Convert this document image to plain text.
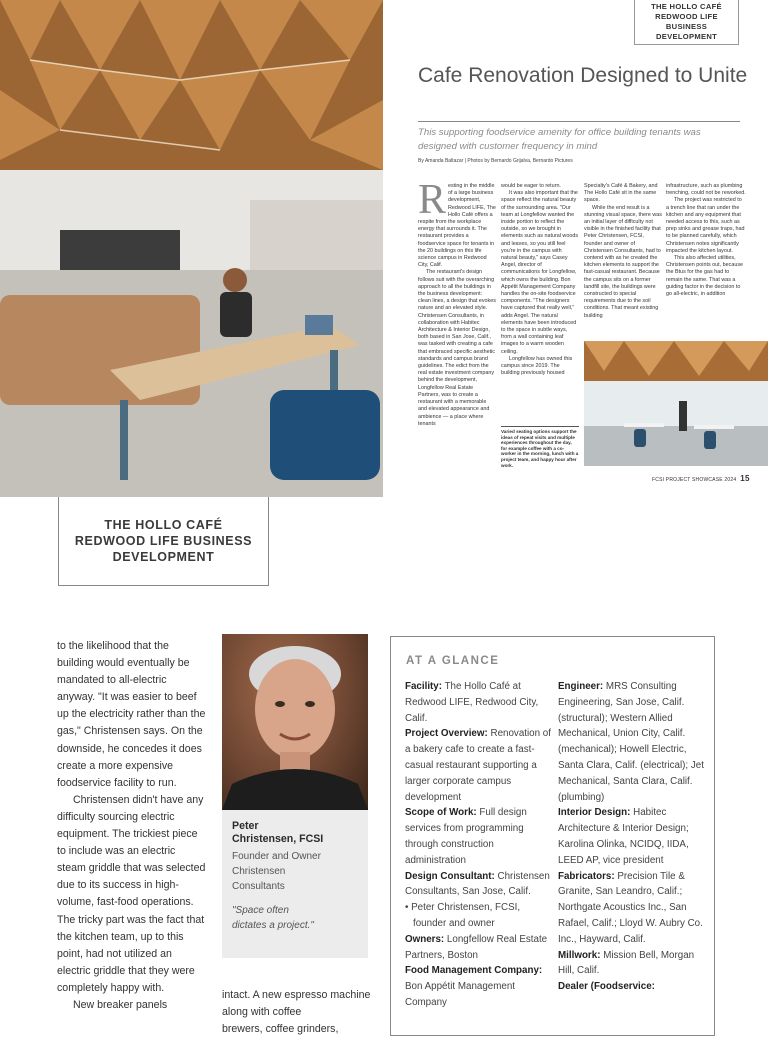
THE HOLLO CAFÉ
REDWOOD LIFE BUSINESS
DEVELOPMENT
Cafe Renovation Designed to Unite

This supporting foodservice amenity for office building tenants was designed with customer frequency in mind

By Amanda Baltazar | Photos by Bernardo Grijalva, Bernardo Pictures

R esting in the middle of a large business development, Redwood LIFE, The Hollo Café offers a respite from the workplace energy that surrounds it. The restaurant provides a foodservice space for tenants in the 20 buildings on this life science campus in Redwood City, Calif.

The restaurant's design follows suit with the overarching approach to all the buildings in the business development: clean lines, a design that evokes nature and an elevated style. Christensen Consultants, in collaboration with Habitec Architecture & Interior Design, both based in San Jose, Calif., was tasked with creating a cafe that embraced specific aesthetic standards and campus brand guidelines. The edict from the real estate investment company behind the development, Longfellow Real Estate Partners, was to create a restaurant with a memorable and elevated appearance and ambience — a place where tenants

would be eager to return.

It was also important that the space reflect the natural beauty of the surrounding area. "Our team at Longfellow wanted the inside portion to reflect the outside, so we brought in elements such as natural woods and leaves, so you still feel you're in the campus with natural beauty," says Casey Angel, director of communications for Longfellow, which owns the building. Bon Appétit Management Company handles the on-site foodservice components. "The designers have captured that really well," adds Angel. The natural elements have been introduced to the space in subtle ways, from a wall containing leaf images to a warm wooden ceiling.

Longfellow has owned this campus since 2019. The building previously housed

Varied seating options support the ideas of repeat visits and multiple experiences throughout the day, for example coffee with a co-worker in the morning, lunch with a project team, and happy hour after work.

Specialty's Café & Bakery, and The Hollo Café sit in the same space.

While the end result is a stunning visual space, there was an initial layer of difficulty not visible in the finished facility that Peter Christensen, FCSI, founder and owner of Christensen Consultants, had to contend with as he created the kitchen elements to support the fast-casual restaurant. Because the campus sits on a former landfill site, the buildings were constructed to special requirements due to the soil conditions. That meant existing building

infrastructure, such as plumbing trenching, could not be reworked.

The project was restricted to a trench line that ran under the kitchen and any equipment that needed access to this, such as prep sinks and grease traps, had to be planned carefully, which Christensen notes significantly impacted the kitchen layout.

This also affected utilities, Christensen points out, because the Btus for the gas had to remain the same. That was a guiding factor in the decision to go all-electric, in addition

FCSI PROJECT SHOWCASE 2024 15
THE HOLLO CAFÉ
REDWOOD LIFE BUSINESS
DEVELOPMENT

to the likelihood that the building would eventually be mandated to all-electric anyway. "It was easier to beef up the electricity rather than the gas," Christensen says. On the downside, he concedes it does create a more expensive foodservice facility to run.

Christensen didn't have any difficulty sourcing electric equipment. The trickiest piece to include was an electric steam griddle that was selected due to its success in high-volume, fast-food operations. The tricky part was the fact that the kitchen team, up to this point, had not utilized an electric griddle that they were completely happy with.

New breaker panels

Peter
Christensen, FCSI
Founder and Owner
Christensen
Consultants
"Space often
dictates a project."

intact. A new espresso machine along with coffee

brewers, coffee grinders,

AT A GLANCE

Facility: The Hollo Café at Redwood LIFE, Redwood City, Calif.

Project Overview: Renovation of a bakery cafe to create a fast-casual restaurant supporting a larger corporate campus development

Scope of Work: Full design services from programming through construction administration

Design Consultant: Christensen Consultants, San Jose, Calif.

• Peter Christensen, FCSI, founder and owner

Owners: Longfellow Real Estate Partners, Boston

Food Management Company: Bon Appétit Management Company

Engineer: MRS Consulting Engineering, San Jose, Calif. (structural); Western Allied Mechanical, Union City, Calif. (mechanical); Howell Electric, Santa Clara, Calif. (electrical); Jet Mechanical, Santa Clara, Calif. (plumbing)

Interior Design: Habitec Architecture & Interior Design; Karolina Olinka, NCIDQ, IIDA, LEED AP, vice president

Fabricators: Precision Tile & Granite, San Leandro, Calif.; Northgate Acoustics Inc., San Rafael, Calif.; Lloyd W. Aubry Co. Inc., Hayward, Calif.

Millwork: Mission Bell, Morgan Hill, Calif.

Dealer (Foodservice:
